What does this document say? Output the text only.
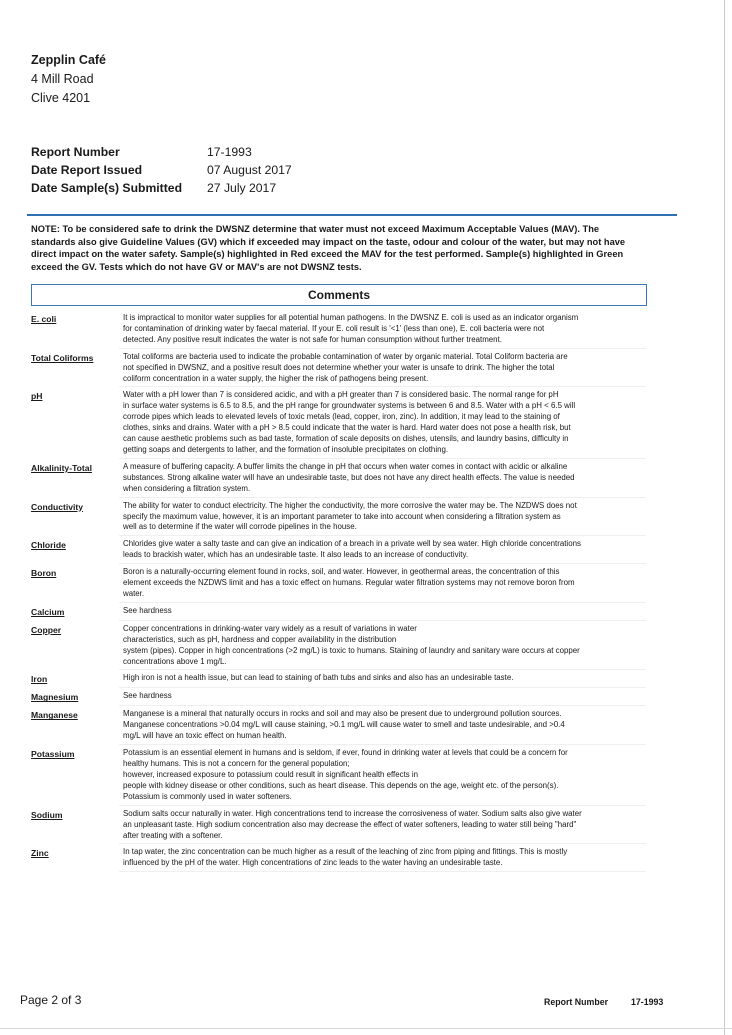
Zepplin Café
4 Mill Road
Clive 4201
Report Number	17-1993
Date Report Issued	07 August 2017
Date Sample(s) Submitted	27 July 2017
NOTE: To be considered safe to drink the DWSNZ determine that water must not exceed Maximum Acceptable Values (MAV). The standards also give Guideline Values (GV) which if exceeded may impact on the taste, odour and colour of the water, but may not have direct impact on the water safety. Sample(s) highlighted in Red exceed the MAV for the test performed. Sample(s) highlighted in Green exceed the GV. Tests which do not have GV or MAV's are not DWSNZ tests.
Comments
E. coli	It is impractical to monitor water supplies for all potential human pathogens. In the DWSNZ E. coli is used as an indicator organism
for contamination of drinking water by faecal material. If your E. coli result is '<1' (less than one), E. coli bacteria were not
detected. Any positive result indicates the water is not safe for human consumption without further treatment.
Total Coliforms	Total coliforms are bacteria used to indicate the probable contamination of water by organic material. Total Coliform bacteria are
not specified in DWSNZ, and a positive result does not determine whether your water is unsafe to drink. The higher the total
coliform concentration in a water supply, the higher the risk of pathogens being present.
pH	Water with a pH lower than 7 is considered acidic, and with a pH greater than 7 is considered basic. The normal range for pH
in surface water systems is 6.5 to 8.5, and the pH range for groundwater systems is between 6 and 8.5. Water with a pH < 6.5 will
corrode pipes which leads to elevated levels of toxic metals (lead, copper, iron, zinc). In addition, it may lead to the staining of
clothes, sinks and drains. Water with a pH > 8.5 could indicate that the water is hard. Hard water does not pose a health risk, but
can cause aesthetic problems such as bad taste, formation of scale deposits on dishes, utensils, and laundry basins, difficulty in
getting soaps and detergents to lather, and the formation of insoluble precipitates on clothing.
Alkalinity-Total	A measure of buffering capacity. A buffer limits the change in pH that occurs when water comes in contact with acidic or alkaline
substances. Strong alkaline water will have an undesirable taste, but does not have any direct health effects. The value is needed
when considering a filtration system.
Conductivity	The ability for water to conduct electricity. The higher the conductivity, the more corrosive the water may be. The NZDWS does not
specify the maximum value, however, it is an important parameter to take into account when considering a filtration system as
well as to determine if the water will corrode pipelines in the house.
Chloride	Chlorides give water a salty taste and can give an indication of a breach in a private well by sea water. High chloride concentrations
leads to brackish water, which has an undesirable taste. It also leads to an increase of conductivity.
Boron	Boron is a naturally-occurring element found in rocks, soil, and water. However, in geothermal areas, the concentration of this
element exceeds the NZDWS limit and has a toxic effect on humans. Regular water filtration systems may not remove boron from
water.
Calcium	See hardness
Copper	Copper concentrations in drinking-water vary widely as a result of variations in water
characteristics, such as pH, hardness and copper availability in the distribution
system (pipes). Copper in high concentrations (>2 mg/L) is toxic to humans. Staining of laundry and sanitary ware occurs at copper
concentrations above 1 mg/L.
Iron	High iron is not a health issue, but can lead to staining of bath tubs and sinks and also has an undesirable taste.
Magnesium	See hardness
Manganese	Manganese is a mineral that naturally occurs in rocks and soil and may also be present due to underground pollution sources.
Manganese concentrations >0.04 mg/L will cause staining, >0.1 mg/L will cause water to smell and taste undesirable, and >0.4
mg/L will have an toxic effect on human health.
Potassium	Potassium is an essential element in humans and is seldom, if ever, found in drinking water at levels that could be a concern for
healthy humans. This is not a concern for the general population;
however, increased exposure to potassium could result in significant health effects in
people with kidney disease or other conditions, such as heart disease. This depends on the age, weight etc. of the person(s).
Potassium is commonly used in water softeners.
Sodium	Sodium salts occur naturally in water. High concentrations tend to increase the corrosiveness of water. Sodium salts also give water
an unpleasant taste. High sodium concentration also may decrease the effect of water softeners, leading to water still being "hard"
after treating with a softener.
Zinc	In tap water, the zinc concentration can be much higher as a result of the leaching of zinc from piping and fittings. This is mostly
influenced by the pH of the water. High concentrations of zinc leads to the water having an undesirable taste.
Page 2 of 3	Report Number	17-1993
